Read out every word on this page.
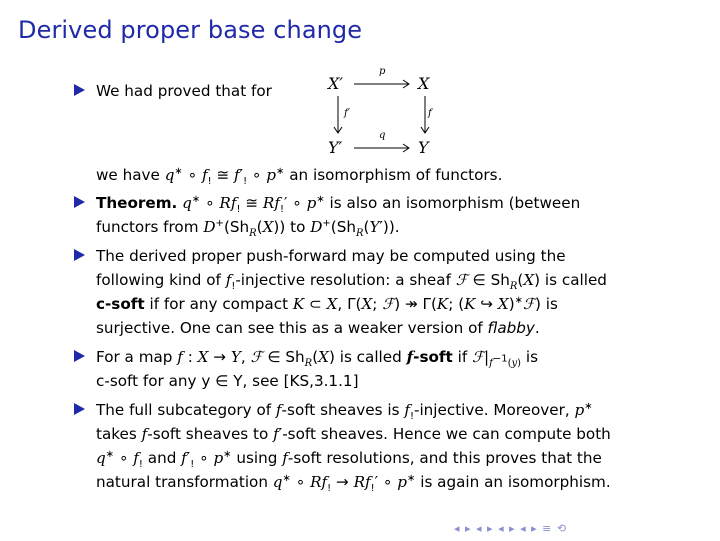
Derived proper base change
We had proved that for	X′	X
Y′	Y
p
q
f′	f
we have q∗ ∘ $f_!$ ≅ $f'_!$ ∘ p∗ an isomorphism of functors.
Theorem. q∗ ∘ $Rf_!$ ≅ $Rf_!'$ ∘ p∗ is also an isomorphism (between
functors from $D^+(Sh_R(X))$ to $D^+(Sh_R(Y'))$.
The derived proper push-forward may be computed using the
following kind of $f_!$-injective resolution: a sheaf ℱ ∈ $Sh_R(X)$ is called
c-soft if for any compact K ⊂ X, Γ(X; ℱ) ↠ Γ(K; (K ↪ X)∗ℱ) is
surjective. One can see this as a weaker version of flabby.
For a map f : X → Y, ℱ ∈ $Sh_R(X)$ is called f-soft if $ℱ|_{f^{-1}(y)}$ is
c-soft for any y ∈ Y, see [KS,3.1.1]
The full subcategory of f-soft sheaves is $f_!$-injective. Moreover, p∗
takes f-soft sheaves to f′-soft sheaves. Hence we can compute both
q∗ ∘ $f_!$ and $f'_!$ ∘ p∗ using f-soft resolutions, and this proves that the
natural transformation q∗ ∘ $Rf_! \to Rf_!'$ ∘ p∗ is again an isomorphism.
◂ ▸ ◂ ▸ ◂ ▸ ◂ ▸ ≡ ⟲
